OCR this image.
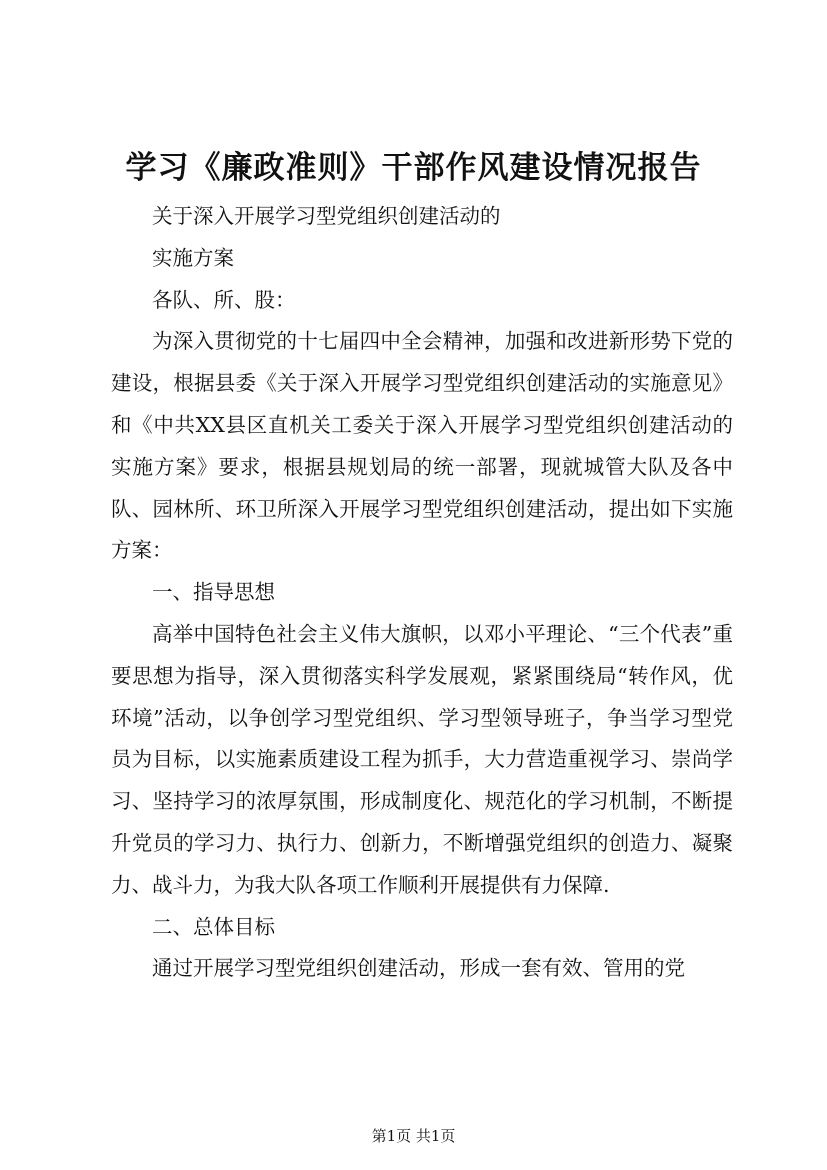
学习《廉政准则》干部作风建设情况报告

关于深入开展学习型党组织创建活动的

实施方案

各队、所、股：

为深入贯彻党的十七届四中全会精神，加强和改进新形势下党的建设，根据县委《关于深入开展学习型党组织创建活动的实施意见》和《中共XX县区直机关工委关于深入开展学习型党组织创建活动的实施方案》要求，根据县规划局的统一部署，现就城管大队及各中队、园林所、环卫所深入开展学习型党组织创建活动，提出如下实施方案：

一、指导思想

高举中国特色社会主义伟大旗帜，以邓小平理论、“三个代表”重要思想为指导，深入贯彻落实科学发展观，紧紧围绕局“转作风，优环境”活动，以争创学习型党组织、学习型领导班子，争当学习型党员为目标，以实施素质建设工程为抓手，大力营造重视学习、崇尚学习、坚持学习的浓厚氛围，形成制度化、规范化的学习机制，不断提升党员的学习力、执行力、创新力，不断增强党组织的创造力、凝聚力、战斗力，为我大队各项工作顺利开展提供有力保障.

二、总体目标

通过开展学习型党组织创建活动，形成一套有效、管用的党

第1页 共1页
